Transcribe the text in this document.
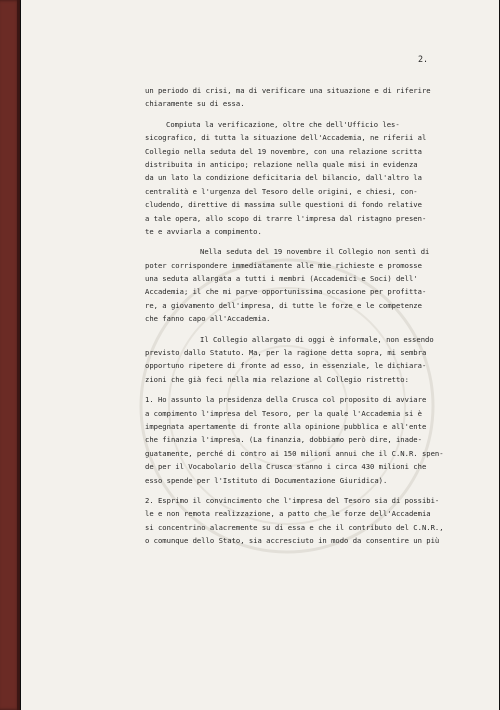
2.
un periodo di crisi, ma di verificare una situazione e di riferire
chiaramente su di essa.
Compiuta la verificazione, oltre che dell'Ufficio les-
sicografico, di tutta la situazione dell'Accademia, ne riferii al
Collegio nella seduta del 19 novembre, con una relazione scritta
distribuita in anticipo; relazione nella quale misi in evidenza
da un lato la condizione deficitaria del bilancio, dall'altro la
centralità e l'urgenza del Tesoro delle origini, e chiesi, con-
cludendo, direttive di massima sulle questioni di fondo relative
a tale opera, allo scopo di trarre l'impresa dal ristagno presen-
te e avviarla a compimento.
Nella seduta del 19 novembre il Collegio non sentì di
poter corrispondere immediatamente alle mie richieste e promosse
una seduta allargata a tutti i membri (Accademici e Soci) dell'
Accademia; il che mi parve opportunissima occasione per profitta-
re, a giovamento dell'impresa, di tutte le forze e le competenze
che fanno capo all'Accademia.
Il Collegio allargato di oggi è informale, non essendo
previsto dallo Statuto. Ma, per la ragione detta sopra, mi sembra
opportuno ripetere di fronte ad esso, in essenziale, le dichiara-
zioni che già feci nella mia relazione al Collegio ristretto:
1. Ho assunto la presidenza della Crusca col proposito di avviare
a compimento l'impresa del Tesoro, per la quale l'Accademia si è
impegnata apertamente di fronte alla opinione pubblica e all'ente
che finanzia l'impresa. (La finanzia, dobbiamo però dire, inade-
guatamente, perché di contro ai 150 milioni annui che il C.N.R. spen-
de per il Vocabolario della Crusca stanno i circa 430 milioni che
esso spende per l'Istituto di Documentazione Giuridica).
2. Esprimo il convincimento che l'impresa del Tesoro sia di possibi-
le e non remota realizzazione, a patto che le forze dell'Accademia
si concentrino alacremente su di essa e che il contributo del C.N.R.,
o comunque dello Stato, sia accresciuto in modo da consentire un più
